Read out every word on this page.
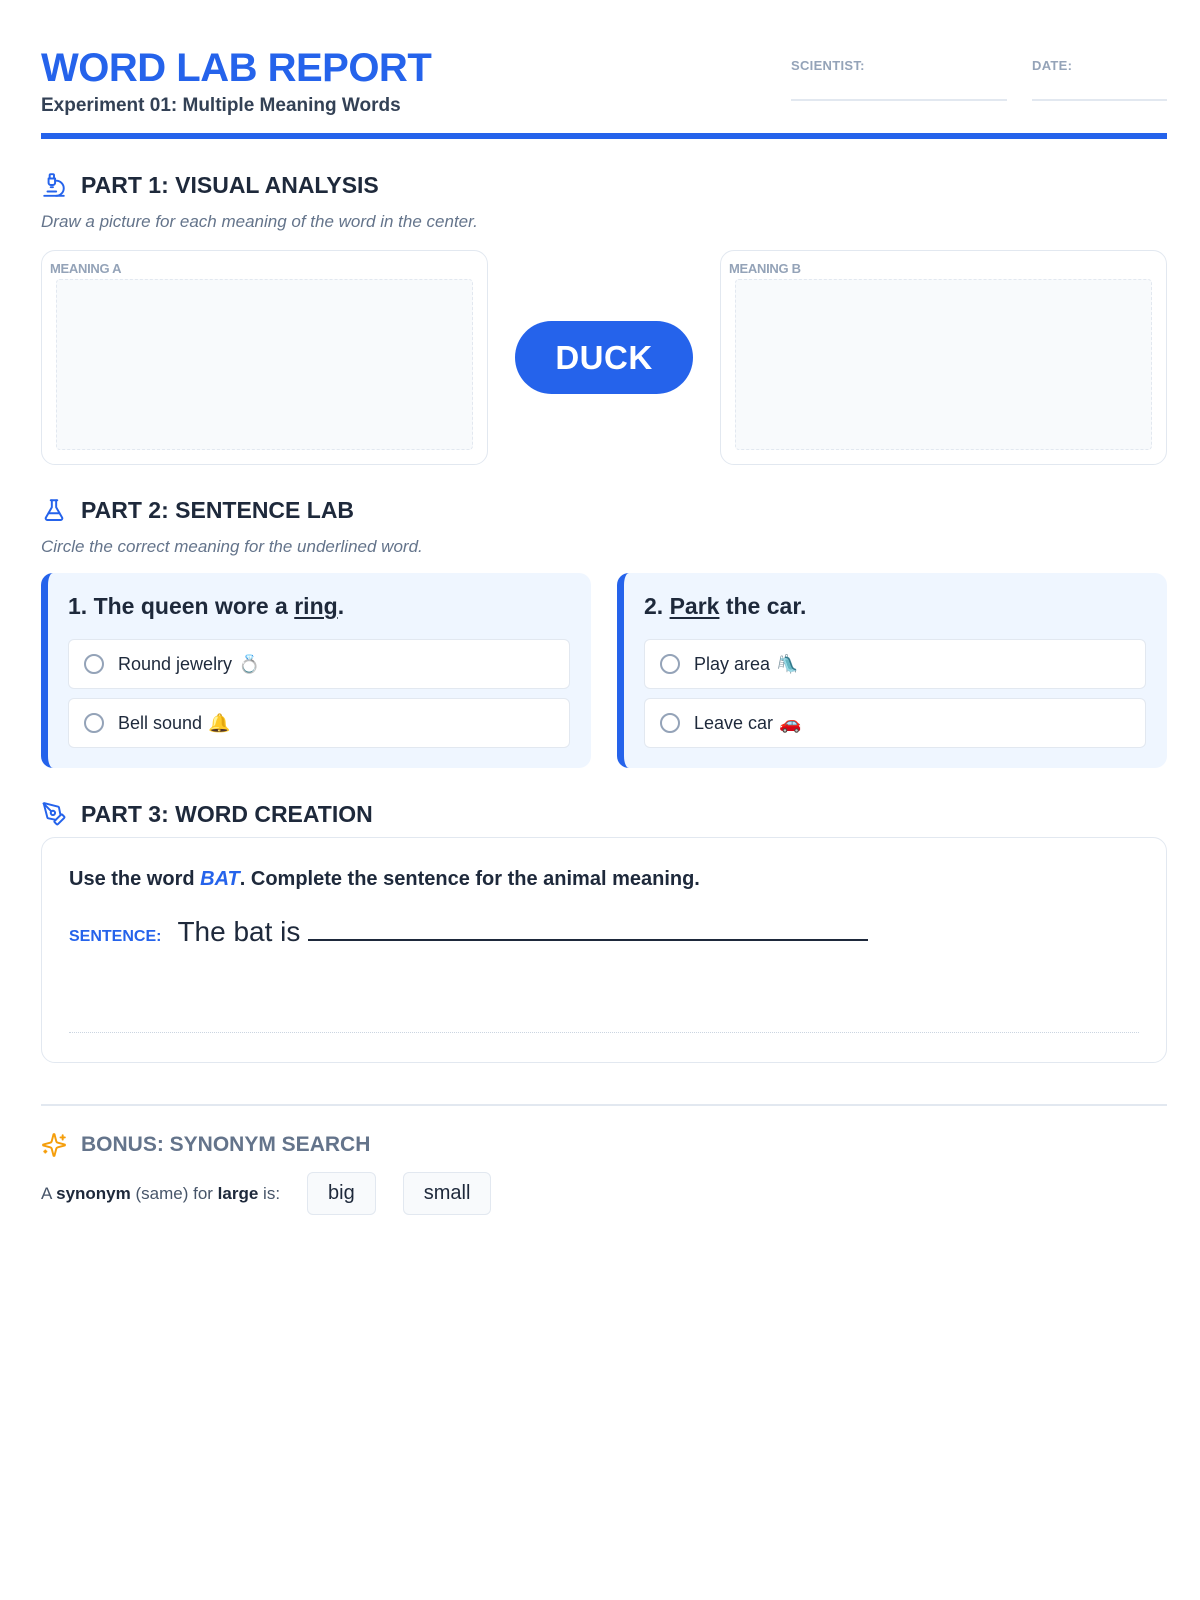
WORD LAB REPORT
Experiment 01: Multiple Meaning Words
SCIENTIST:	DATE:
PART 1: VISUAL ANALYSIS
Draw a picture for each meaning of the word in the center.
MEANING A
DUCK
MEANING B
PART 2: SENTENCE LAB
Circle the correct meaning for the underlined word.
1. The queen wore a ring.
Round jewelry 💍
Bell sound 🔔
2. Park the car.
Play area 🛝
Leave car 🚗
PART 3: WORD CREATION
Use the word BAT. Complete the sentence for the animal meaning.
SENTENCE: The bat is
BONUS: SYNONYM SEARCH
A synonym (same) for large is:	big	small
